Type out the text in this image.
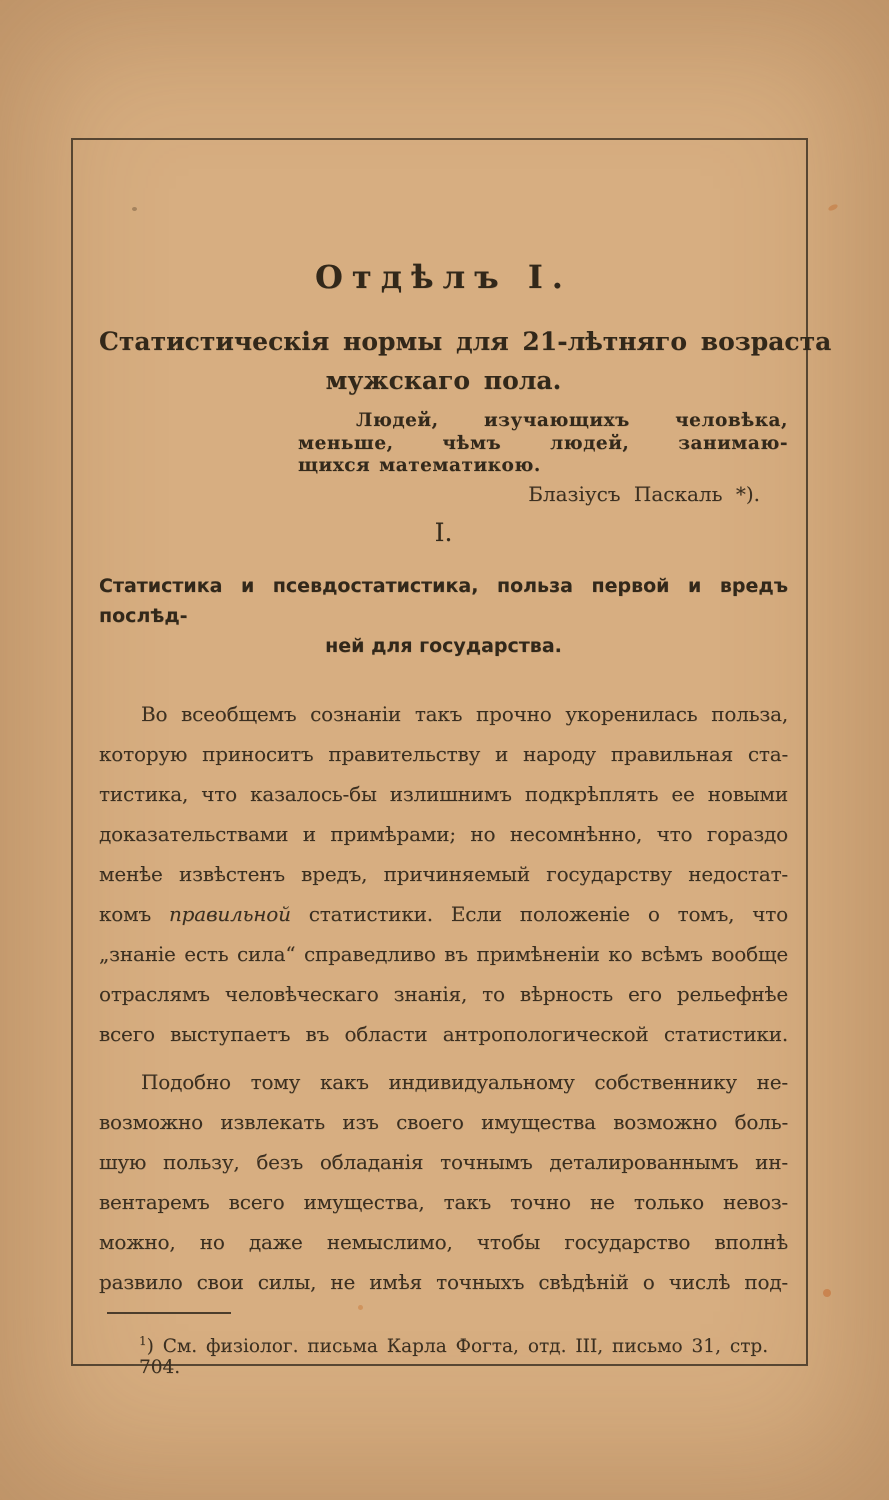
Отдѣлъ I.
Статистическія нормы для 21-лѣтняго возраста
мужскаго пола.
Людей, изучающихъ человѣка,
меньше, чѣмъ людей, занимаю-
щихся математикою.
Блазіусъ Паскаль *).
I.
Статистика и псевдостатистика, польза первой и вредъ послѣд-
ней для государства.
Во всеобщемъ сознаніи такъ прочно укоренилась польза,
которую приноситъ правительству и народу правильная ста-
тистика, что казалось-бы излишнимъ подкрѣплять ее новыми
доказательствами и примѣрами; но несомнѣнно, что гораздо
менѣе извѣстенъ вредъ, причиняемый государству недостат-
комъ правильной статистики. Если положеніе о томъ, что
„знаніе есть сила“ справедливо въ примѣненіи ко всѣмъ вообще
отраслямъ человѣческаго знанія, то вѣрность его рельефнѣе
всего выступаетъ въ области антропологической статистики.
Подобно тому какъ индивидуальному собственнику не-
возможно извлекать изъ своего имущества возможно боль-
шую пользу, безъ обладанія точнымъ деталированнымъ ин-
вентаремъ всего имущества, такъ точно не только невоз-
можно, но даже немыслимо, чтобы государство вполнѣ
развило свои силы, не имѣя точныхъ свѣдѣній о числѣ под-
$^1$) См. физіолог. письма Карла Фогта, отд. III, письмо 31, стр. 704.
